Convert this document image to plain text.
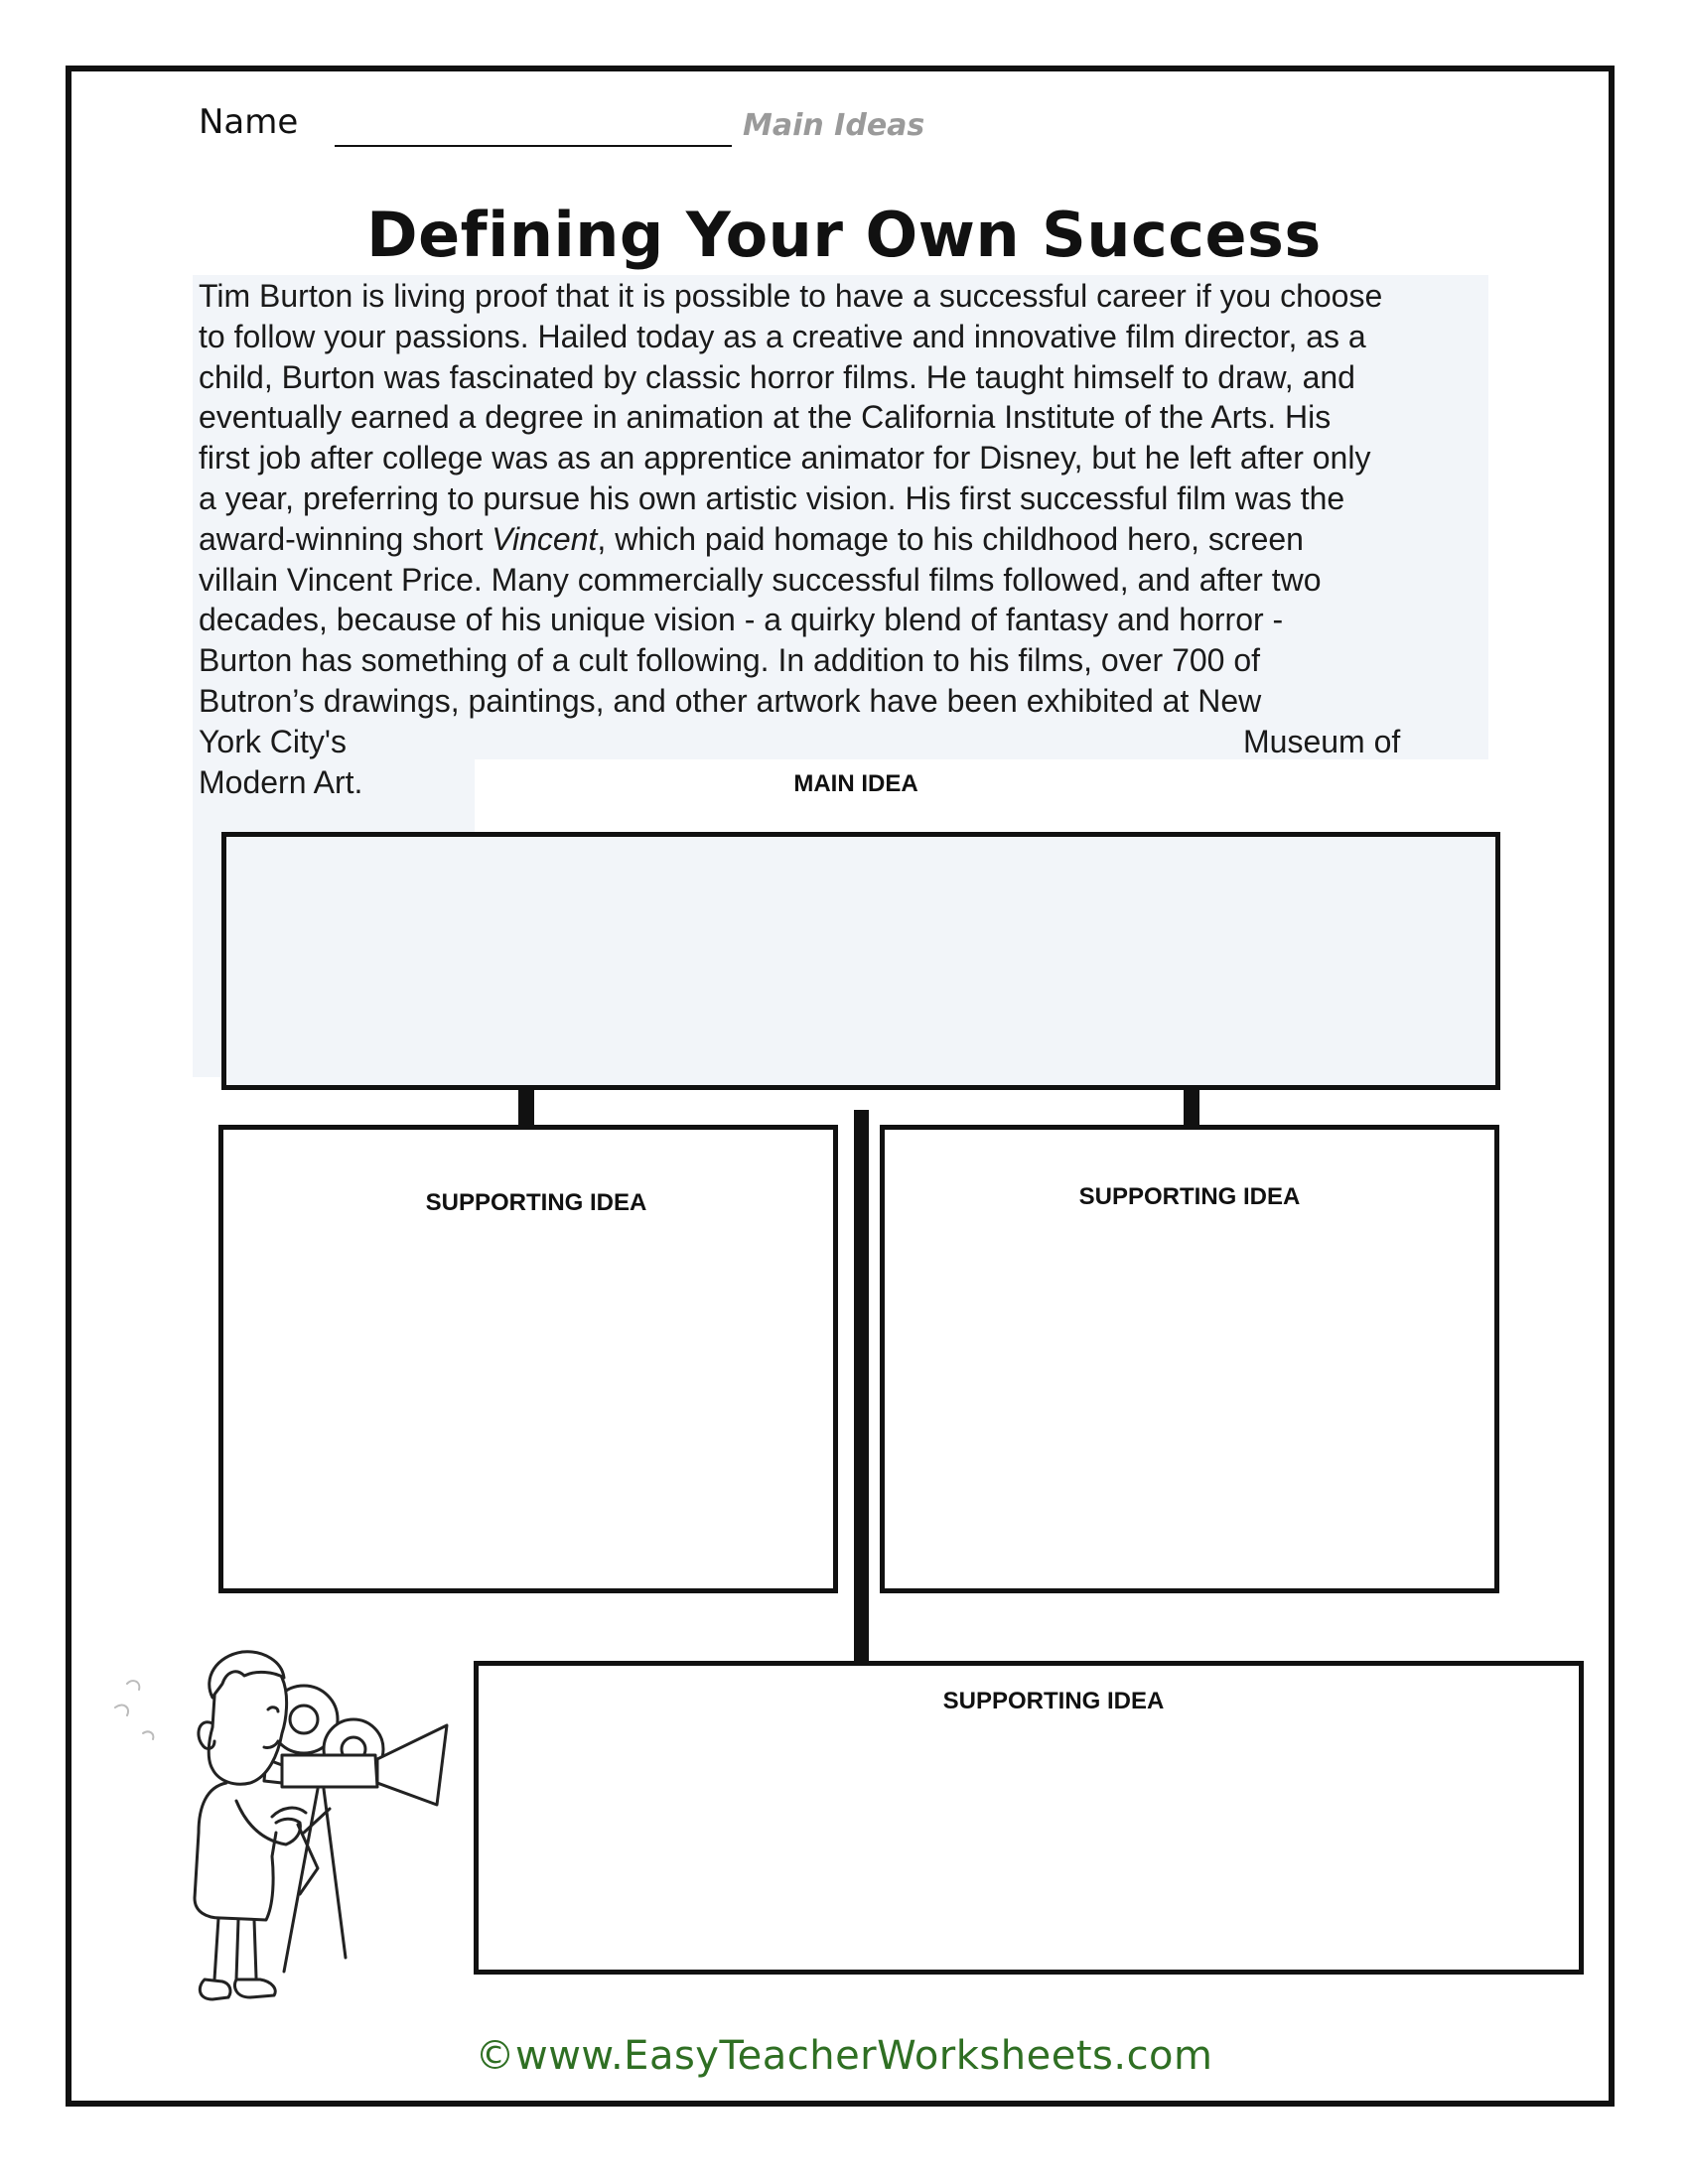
Name	Main Ideas
Defining Your Own Success
Tim Burton is living proof that it is possible to have a successful career if you choose
to follow your passions. Hailed today as a creative and innovative film director, as a
child, Burton was fascinated by classic horror films. He taught himself to draw, and
eventually earned a degree in animation at the California Institute of the Arts. His
first job after college was as an apprentice animator for Disney, but he left after only
a year, preferring to pursue his own artistic vision. His first successful film was the
award-winning short Vincent, which paid homage to his childhood hero, screen
villain Vincent Price. Many commercially successful films followed, and after two
decades, because of his unique vision - a quirky blend of fantasy and horror -
Burton has something of a cult following. In addition to his films, over 700 of
Butron’s drawings, paintings, and other artwork have been exhibited at New
York City's	Museum of
Modern Art.	MAIN IDEA
SUPPORTING IDEA	SUPPORTING IDEA
SUPPORTING IDEA
©www.EasyTeacherWorksheets.com
